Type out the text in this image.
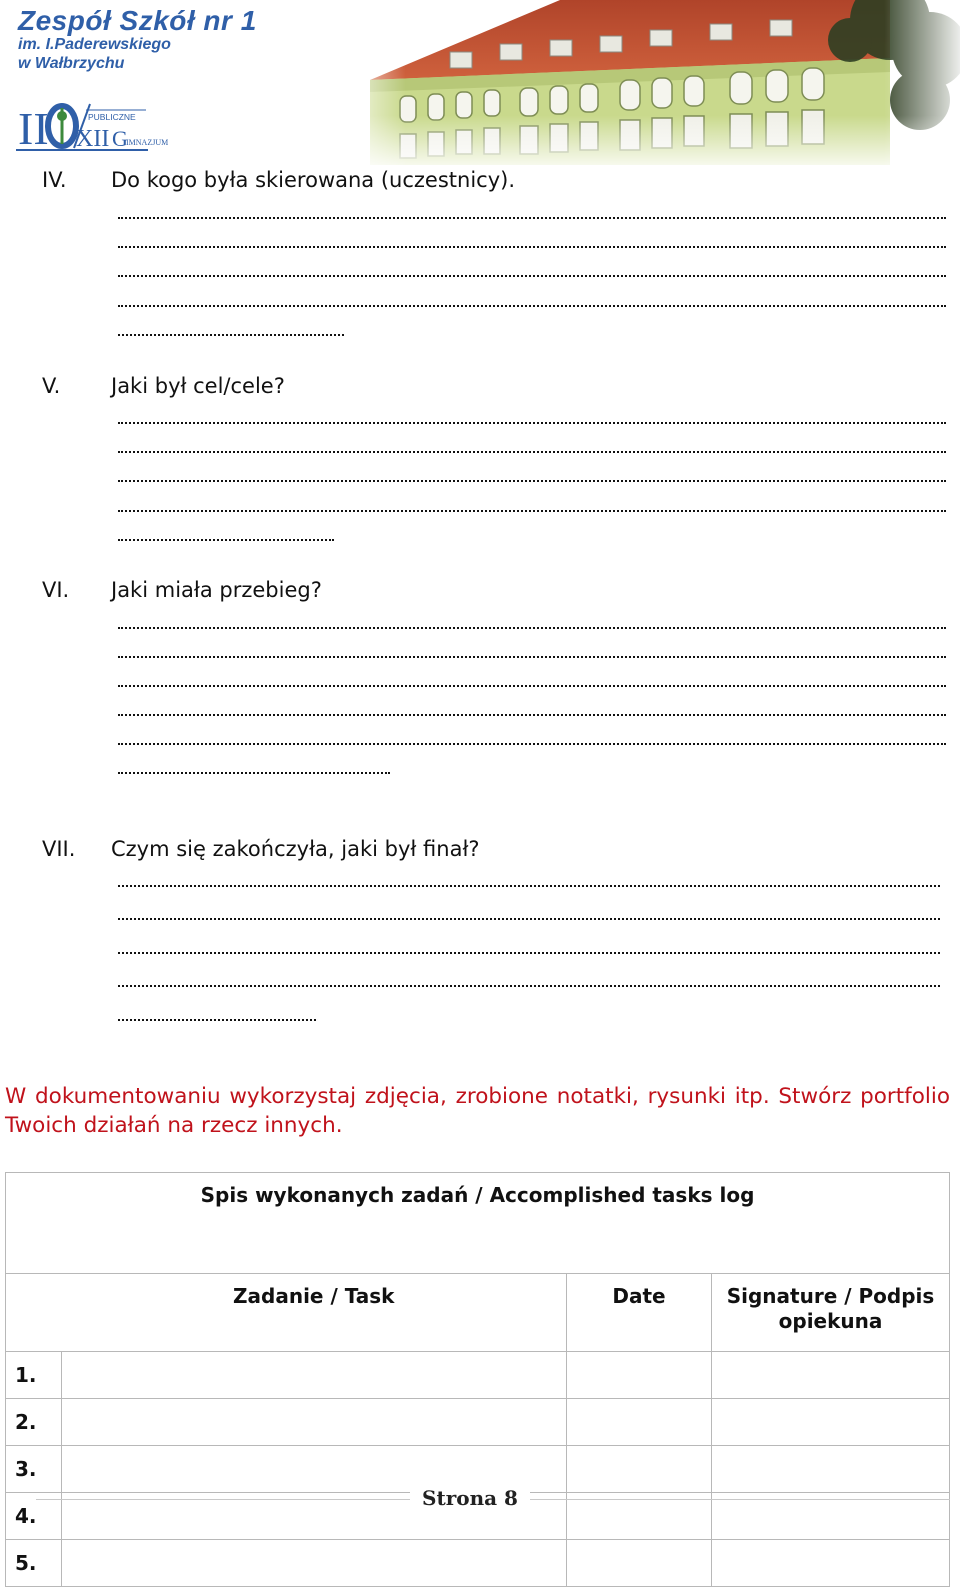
Zespół Szkół nr 1
im. I.Paderewskiego
w Wałbrzychu
II	PUBLICZNE
XII G
IMNAZJUM
IV. Do kogo była skierowana (uczestnicy).
V. Jaki był cel/cele?
VI. Jaki miała przebieg?
VII. Czym się zakończyła, jaki był finał?
W dokumentowaniu wykorzystaj zdjęcia, zrobione notatki, rysunki itp. Stwórz portfolio Twoich działań na rzecz innych.
Spis wykonanych zadań / Accomplished tasks log			
	Zadanie / Task	Date	Signature / Podpis opiekuna
1.			
2.			
3.			
4.			
5.			
Strona 8
